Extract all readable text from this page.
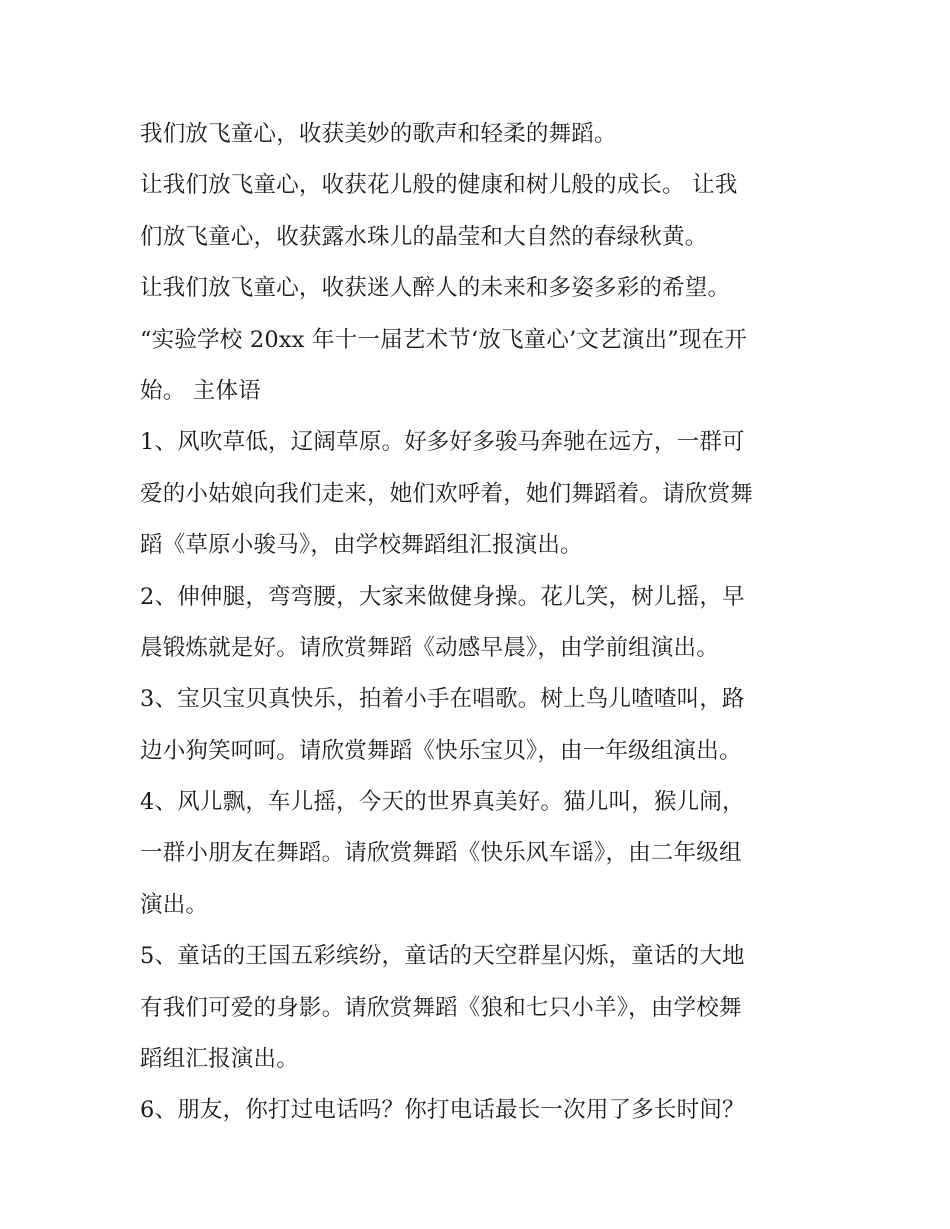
我们放飞童心，收获美妙的歌声和轻柔的舞蹈。

让我们放飞童心，收获花儿般的健康和树儿般的成长。 让我

们放飞童心，收获露水珠儿的晶莹和大自然的春绿秋黄。

让我们放飞童心，收获迷人醉人的未来和多姿多彩的希望。

“实验学校 20xx 年十一届艺术节‘放飞童心’文艺演出”现在开

始。 主体语

1、风吹草低，辽阔草原。好多好多骏马奔驰在远方，一群可

爱的小姑娘向我们走来，她们欢呼着，她们舞蹈着。请欣赏舞

蹈《草原小骏马》，由学校舞蹈组汇报演出。

2、伸伸腿，弯弯腰，大家来做健身操。花儿笑，树儿摇，早

晨锻炼就是好。请欣赏舞蹈《动感早晨》，由学前组演出。

3、宝贝宝贝真快乐，拍着小手在唱歌。树上鸟儿喳喳叫，路

边小狗笑呵呵。请欣赏舞蹈《快乐宝贝》，由一年级组演出。

4、风儿飘，车儿摇，今天的世界真美好。猫儿叫，猴儿闹，

一群小朋友在舞蹈。请欣赏舞蹈《快乐风车谣》，由二年级组

演出。

5、童话的王国五彩缤纷，童话的天空群星闪烁，童话的大地

有我们可爱的身影。请欣赏舞蹈《狼和七只小羊》，由学校舞

蹈组汇报演出。

6、朋友，你打过电话吗？你打电话最长一次用了多长时间？
